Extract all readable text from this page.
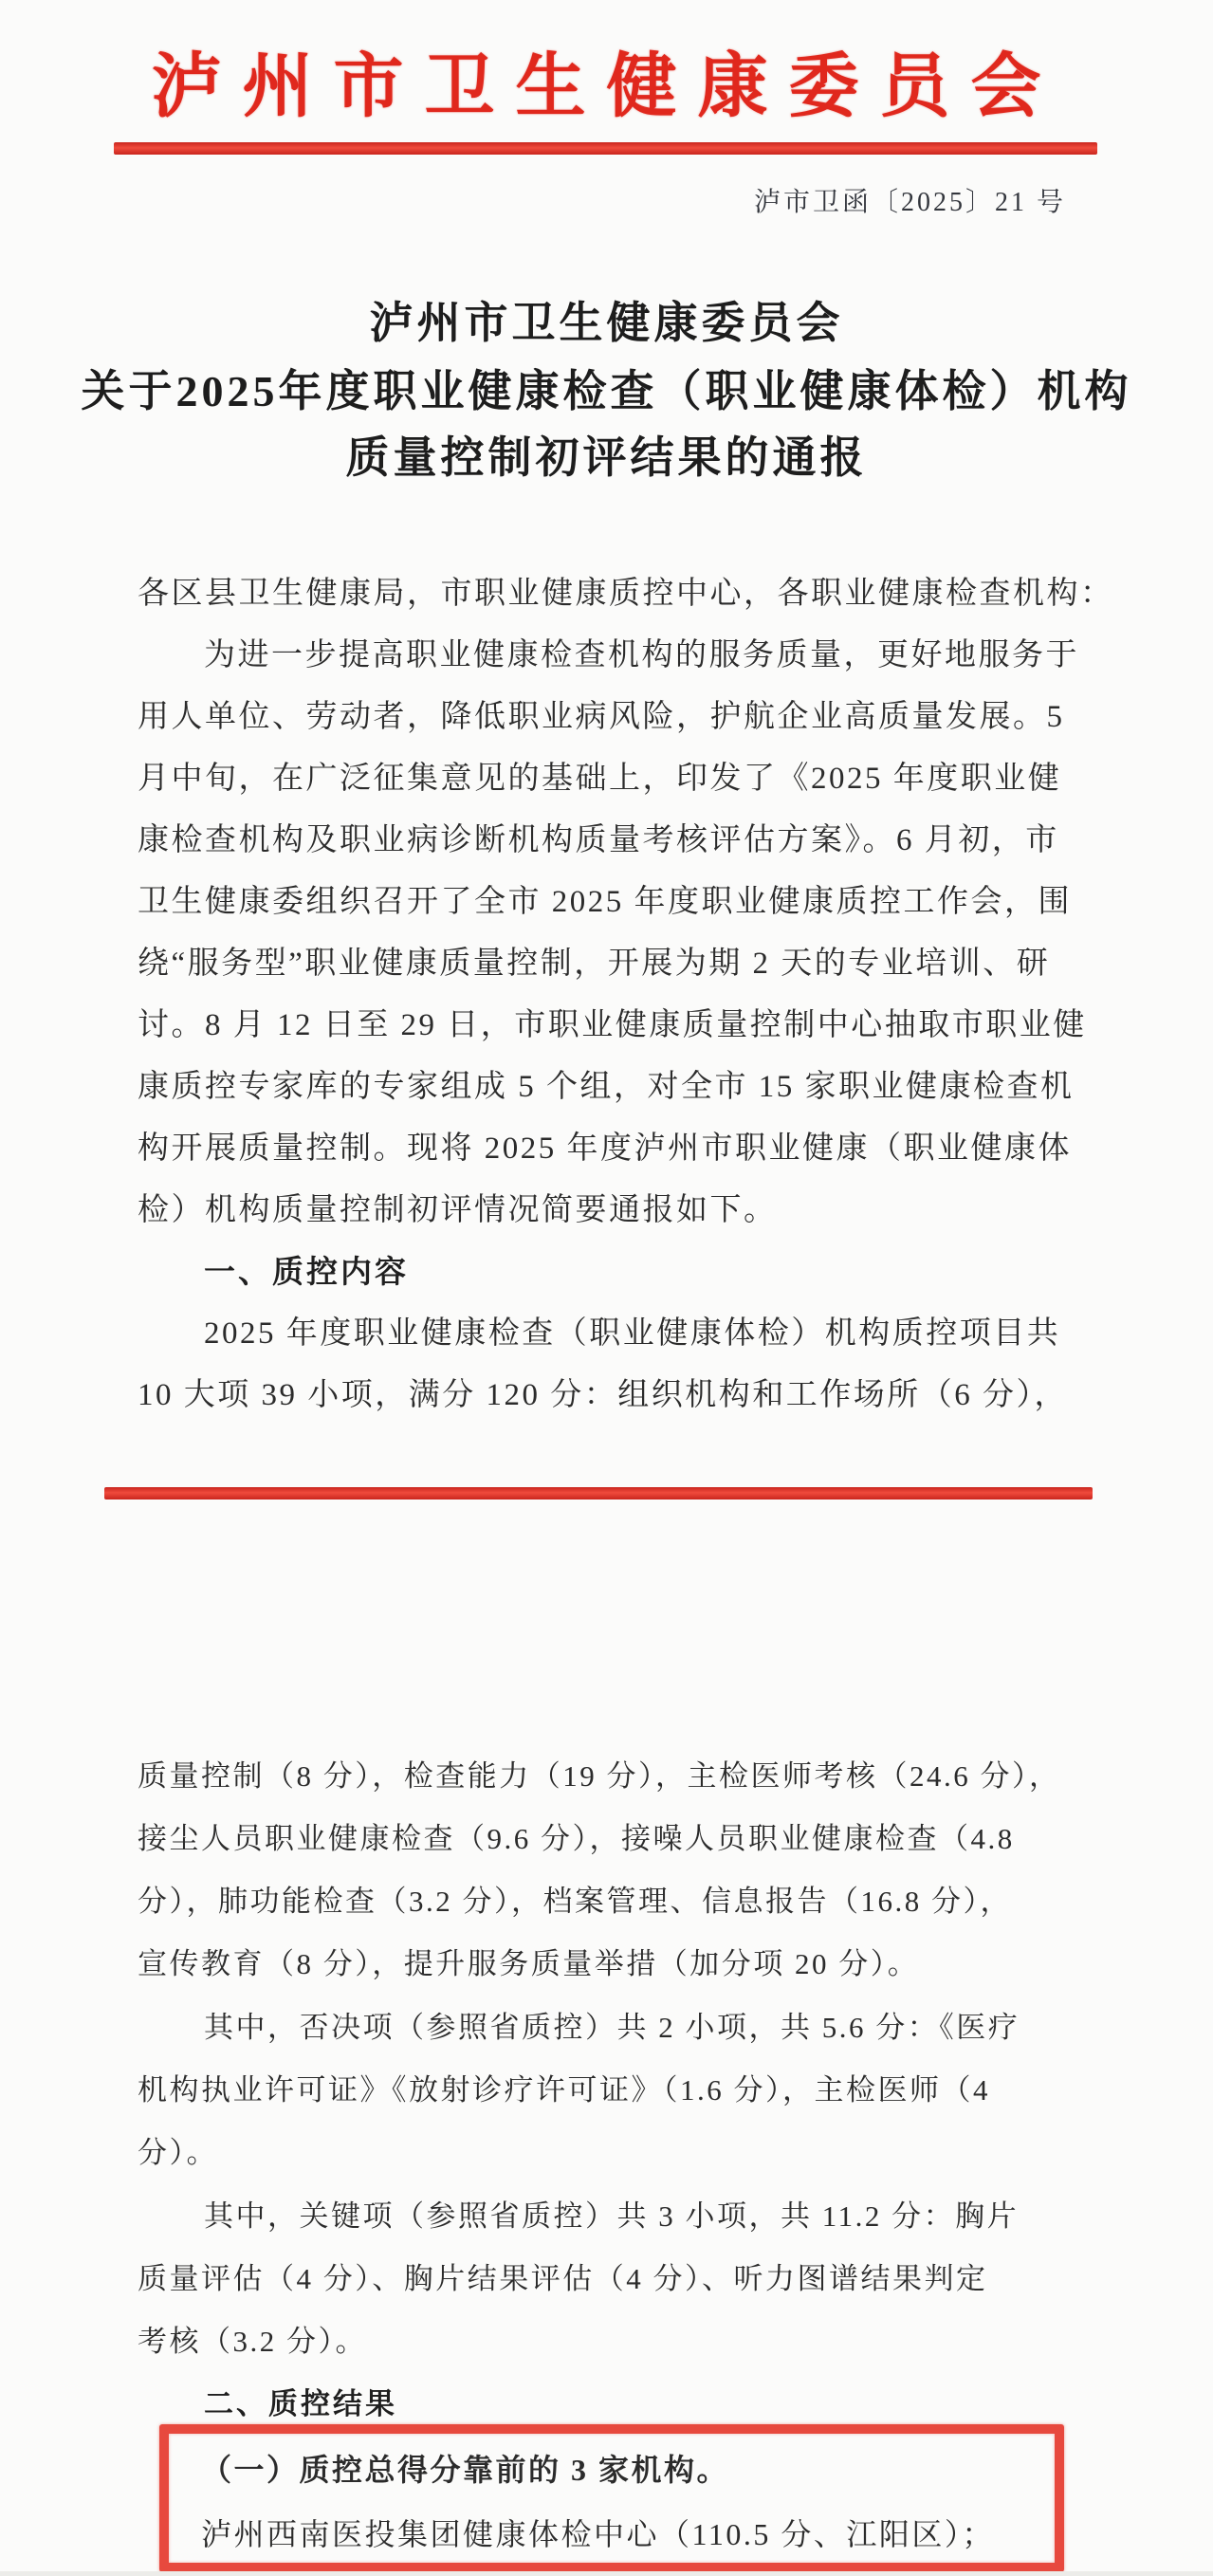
泸州市卫生健康委员会
泸市卫函〔2025〕21 号
泸州市卫生健康委员会
关于2025年度职业健康检查（职业健康体检）机构
质量控制初评结果的通报
各区县卫生健康局，市职业健康质控中心，各职业健康检查机构：
为进一步提高职业健康检查机构的服务质量，更好地服务于
用人单位、劳动者，降低职业病风险，护航企业高质量发展。5
月中旬，在广泛征集意见的基础上，印发了《2025 年度职业健
康检查机构及职业病诊断机构质量考核评估方案》。6 月初，市
卫生健康委组织召开了全市 2025 年度职业健康质控工作会，围
绕“服务型”职业健康质量控制，开展为期 2 天的专业培训、研
讨。8 月 12 日至 29 日，市职业健康质量控制中心抽取市职业健
康质控专家库的专家组成 5 个组，对全市 15 家职业健康检查机
构开展质量控制。现将 2025 年度泸州市职业健康（职业健康体
检）机构质量控制初评情况简要通报如下。
一、质控内容
2025 年度职业健康检查（职业健康体检）机构质控项目共
10 大项 39 小项，满分 120 分：组织机构和工作场所（6 分），
质量控制（8 分），检查能力（19 分），主检医师考核（24.6 分），
接尘人员职业健康检查（9.6 分），接噪人员职业健康检查（4.8
分），肺功能检查（3.2 分），档案管理、信息报告（16.8 分），
宣传教育（8 分），提升服务质量举措（加分项 20 分）。
其中，否决项（参照省质控）共 2 小项，共 5.6 分：《医疗
机构执业许可证》《放射诊疗许可证》（1.6 分），主检医师（4
分）。
其中，关键项（参照省质控）共 3 小项，共 11.2 分：胸片
质量评估（4 分）、胸片结果评估（4 分）、听力图谱结果判定
考核（3.2 分）。
二、质控结果
（一）质控总得分靠前的 3 家机构。
泸州西南医投集团健康体检中心（110.5 分、江阳区）；
